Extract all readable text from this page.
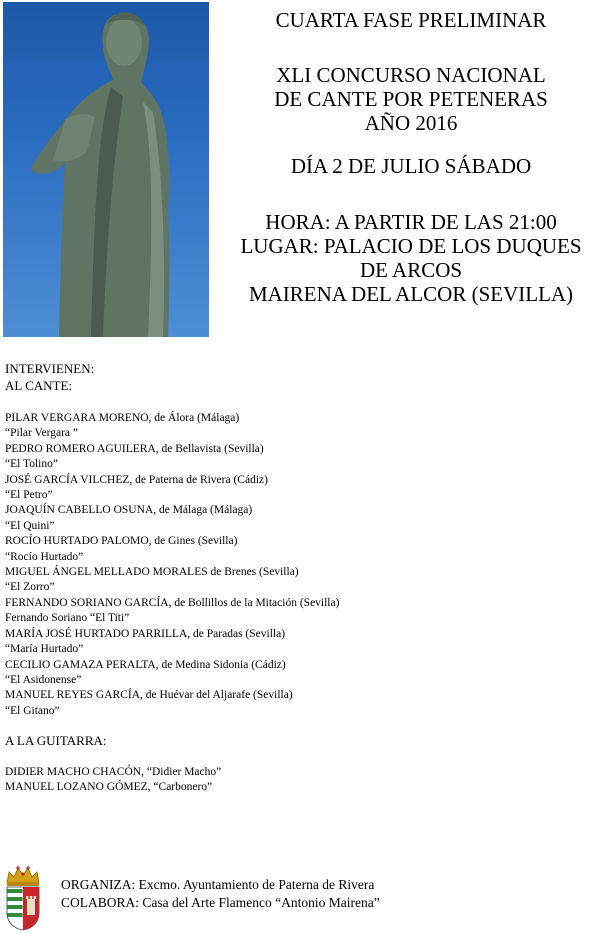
CUARTA FASE PRELIMINAR
XLI CONCURSO NACIONAL
DE CANTE POR PETENERAS
AÑO 2016
DÍA 2 DE JULIO SÁBADO
HORA: A PARTIR DE LAS 21:00
LUGAR: PALACIO DE LOS DUQUES
DE ARCOS
MAIRENA DEL ALCOR (SEVILLA)
INTERVIENEN:
AL CANTE:
PILAR VERGARA MORENO, de Álora (Málaga)
“Pilar Vergara ”
PEDRO ROMERO AGUILERA, de Bellavista (Sevilla)
“El Tolino”
JOSÉ GARCÍA VILCHEZ, de Paterna de Rivera (Cádiz)
“El Petro”
JOAQUÍN CABELLO OSUNA, de Málaga (Málaga)
“El Quini”
ROCÍO HURTADO PALOMO, de Gines (Sevilla)
“Rocío Hurtado”
MIGUEL ÁNGEL MELLADO MORALES de Brenes (Sevilla)
“El Zorro”
FERNANDO SORIANO GARCÍA, de Bollillos de la Mitación (Sevilla)
Fernando Soriano “El Titi”
MARÍA JOSÉ HURTADO PARRILLA, de Paradas (Sevilla)
“María Hurtado”
CECILIO GAMAZA PERALTA, de Medina Sidonia (Cádiz)
“El Asidonense”
MANUEL REYES GARCÍA, de Huévar del Aljarafe (Sevilla)
“El Gitano”
A LA GUITARRA:
DIDIER MACHO CHACÓN, “Didier Macho”
MANUEL LOZANO GÓMEZ, “Carbonero”
ORGANIZA: Excmo. Ayuntamiento de Paterna de Rivera
COLABORA: Casa del Arte Flamenco “Antonio Mairena”
